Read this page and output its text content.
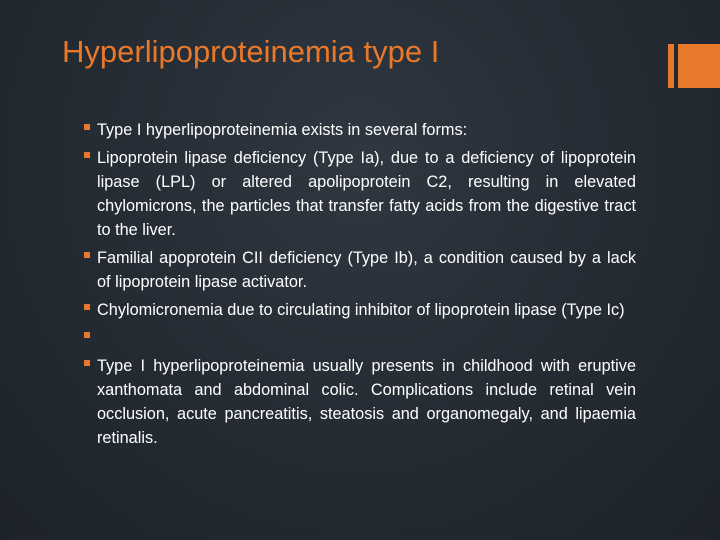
Hyperlipoproteinemia type I
Type I hyperlipoproteinemia exists in several forms:
Lipoprotein lipase deficiency (Type Ia), due to a deficiency of lipoprotein lipase (LPL) or altered apolipoprotein C2, resulting in elevated chylomicrons, the particles that transfer fatty acids from the digestive tract to the liver.
Familial apoprotein CII deficiency (Type Ib), a condition caused by a lack of lipoprotein lipase activator.
Chylomicronemia due to circulating inhibitor of lipoprotein lipase (Type Ic)
Type I hyperlipoproteinemia usually presents in childhood with eruptive xanthomata and abdominal colic. Complications include retinal vein occlusion, acute pancreatitis, steatosis and organomegaly, and lipaemia retinalis.
